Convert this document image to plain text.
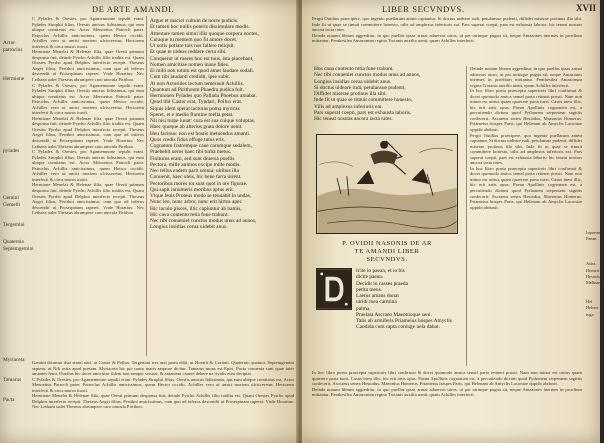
DE ARTE AMANDI.
Actor
patroclus
Hermione
pylades
Gemini
Gemelli
Tergemini
Quaternio
Septemgemini
Myriaceta
Tamarus
Pacta

C Pylades & Orestes, pro Agamemnone sepulti erant. Pylades Strophii filius, Orestis amicus fidissimus, qui eum ubique comitatus est. Actor Menoetius Patrocli pater. Patroclus Achillis amicissimus, quem Hector occidit. Achilles vero ut amici mortem ulcisceretur, Hectorem interfecit & circa muros traxit.

Hermione Menelai & Helenae filia, quae Oresti primum desponsa fuit, deinde Pyrrho Achillis filio tradita est. Quam Orestes Pyrrho apud Delphos interfecto recepit. Theseus Aegei filius, Perithoi amicissimus, cum quo ad inferos descendit ut Proserpinam raperet. Vnde Horatius: Nec Lethaea ualet Theseus abrumpere caro uincula Pirithoo.

C Pylades & Orestes, pro Agamemnone sepulti erant. Pylades Strophii filius, Orestis amicus fidissimus, qui eum ubique comitatus est. Actor Menoetius Patrocli pater. Patroclus Achillis amicissimus, quem Hector occidit. Achilles vero ut amici mortem ulcisceretur, Hectorem interfecit & circa muros traxit.

Hermione Menelai & Helenae filia, quae Oresti primum desponsa fuit, deinde Pyrrho Achillis filio tradita est. Quam Orestes Pyrrho apud Delphos interfecto recepit. Theseus Aegei filius, Perithoi amicissimus, cum quo ad inferos descendit ut Proserpinam raperet. Vnde Horatius: Nec Lethaea ualet Theseus abrumpere caro uincula Pirithoo.

C Pylades & Orestes, pro Agamemnone sepulti erant. Pylades Strophii filius, Orestis amicus fidissimus, qui eum ubique comitatus est. Actor Menoetius Patrocli pater. Patroclus Achillis amicissimus, quem Hector occidit. Achilles vero ut amici mortem ulcisceretur, Hectorem interfecit & circa muros traxit.

Hermione Menelai & Helenae filia, quae Oresti primum desponsa fuit, deinde Pyrrho Achillis filio tradita est. Quam Orestes Pyrrho apud Delphos interfecto recepit. Theseus Aegei filius, Perithoi amicissimus, cum quo ad inferos descendit ut Proserpinam raperet. Vnde Horatius: Nec Lethaea ualet Theseus abrumpere caro uincula Pirithoo.

Argue et maciei cultum de nocte pudicis.
Et tamen hoc nullis poteris dissimulare modis.
Attentare tamen simul illis quoque corpora noctes,
Curaque tu mentem quo fit amore docet.
Ut uotis potiare tuis nos fallere reliquit.
Et quae te uideas reddere certa sibi.
Conqueror ut mores hoc est tuus, ista placebant,
Nomen amicitiae nomen inane fides.
Ei mihi non tutum est quod ames laudare sodali.
Cum tibi laudanti credidit, ipse subit.
At non Actorides lectum temerauit Achillis.
Quantum ad Pirithoum Phaedra pudica fuit.
Hermionen Pylades quo Pallada Phoebus amabat.
Quod tibi Castor erat, Tyndari, Pollux erat.
Siquis idem sperat iacturas poma myricas
Speret, et e medio flumine mella petat.
Nil nisi turpe iuuat: cura est sua cuique voluptas.
Haec quoque ab alterius grata dolore uenit.
Heu facinus: non est hostis metuendus amanti.
Quos credis fidos effuge tutus eris.
Cognatum fratremque caue carumque sodalem,
Praebebit ueros haec tibi turba metus.
Finiturus eram, sed sunt diuersa puellis
Pectora, mille animos excipe mille modis.
Nec tellus eadem parit omnia: uitibus illa
Conuenit, haec oleis, hic bene farra uirent.
Pectoribus mores tot sunt quot in ore figurae.
Qui sapit innumeris moribus aptus erit.
Vtque leuis Proteus modo se tenuabit in undas,
Nunc leo, nunc arbor, nunc erit hirtus aper.
Hic iaculo pisces, illic capiuntur ab hamis,
Hic cava contento retia fune trahunt.
Nec tibi conueniet cunctos modus unus ad annos,
Longius insidias cerua uidebit anus.

Gemini dicuntur duo simul nati, ut Castor & Pollux. Tergemini tres uno partu editi, ut Horatii & Curiatii. Quaternio quatuor. Septemgemini septem, ut Nili ostia apud poetam. Myriaceta hic pro uasto maris aequore dicitur. Tamarus mons est Epiri. Pacta conuenta sunt quae inter amantes fiunt. Ouidius hic docet amicitiae fidem non semper seruari, & amantem cauere debere ne rivalis eum decipiat.

C Pylades & Orestes, pro Agamemnone sepulti erant. Pylades Strophii filius, Orestis amicus fidissimus, qui eum ubique comitatus est. Actor Menoetius Patrocli pater. Patroclus Achillis amicissimus, quem Hector occidit. Achilles vero ut amici mortem ulcisceretur, Hectorem interfecit & circa muros traxit.

Hermione Menelai & Helenae filia, quae Oresti primum desponsa fuit, deinde Pyrrho Achillis filio tradita est. Quam Orestes Pyrrho apud Delphos interfecto recepit. Theseus Aegei filius, Perithoi amicissimus, cum quo ad inferos descendit ut Proserpinam raperet. Vnde Horatius: Nec Lethaea ualet Theseus abrumpere caro uincula Pirithoo.

LIBER SECVNDVS.	XVII

Pergit Ouidius praecipere, quo ingenio puellarum animi capiantur. Si doctus uideare rudi, petulansue pudenti, diffidet miserae protinus illa sibi. Inde fit ut quae se timuit committere honesto, uilis ad amplexus inferioris eat. Pars superat coepti, pars est exhausta laboris: hic teneat nostras ancora iacta rates.

Deinde nouum librum aggreditur, in quo puellas ipsas armat aduersus uiros, ut par utrinque pugna sit, neque Amazones inermes in proelium mittantur. Penthesilea Amazonum regina Troianis auxilio uenit, quam Achilles interfecit.

Hos caua contento retia fune trahunt.
Nec tibi conueniet cunctos modus unus ad annos,
Longius insidias cerua uidebit anus.
Si doctus uideare rudi, petulansue pudenti,
Diffidet miserae protinus illa sibi.
Inde fit ut quae se timuit committere honesto,
Vilis ad amplexus inferioris eat.
Pars superat coepti, pars est exhausta laboris.
Hic teneat nostras ancora iacta rates.

Deinde nouum librum aggreditur, in quo puellas ipsas armat aduersus uiros, ut par utrinque pugna sit, neque Amazones inermes in proelium mittantur. Penthesilea Amazonum regina Troianis auxilio uenit, quam Achilles interfecit.

In hoc libro poeta praecepta superioris libri confirmat & docet quomodo amica semel parta retineri possit. Nam non minor est uirtus quam quaerere parta tueri. Casus inest illic, hic erit artis opus. Paean Apollinis cognomen est, a percutiendo dictum quod Pythonem serpentem sagittis confecerit. Ascraeus senex Hesiodus, Maeonius Homerus. Priameius hospes Paris, qui Helenam ab Amyclis Laconiae oppido abduxit.

Pergit Ouidius praecipere, quo ingenio puellarum animi capiantur. Si doctus uideare rudi, petulansue pudenti, diffidet miserae protinus illa sibi. Inde fit ut quae se timuit committere honesto, uilis ad amplexus inferioris eat. Pars superat coepti, pars est exhausta laboris: hic teneat nostras ancora iacta rates.

In hoc libro poeta praecepta superioris libri confirmat & docet quomodo amica semel parta retineri possit. Nam non minor est uirtus quam quaerere parta tueri. Casus inest illic, hic erit artis opus. Paean Apollinis cognomen est, a percutiendo dictum quod Pythonem serpentem sagittis confecerit. Ascraeus senex Hesiodus, Maeonius Homerus. Priameius hospes Paris, qui Helenam ab Amyclis Laconiae oppido abduxit.

P. OVIDII NASONIS DE AR
TE AMANDI LIBER
SECVNDVS.
Icite io paean, et io bis
dicite paean.
Decidit in casses praeda
petita meos.
Laetus amans donat
uiridi mea carmina
palma,
Praelata Ascraeo Maeonioque seni.
Talis ab armiferis Priameius hospes Amyclis
Candida cum rapta coniuge uela dabat.

In hoc libro poeta praecepta superioris libri confirmat & docet quomodo amica semel parta retineri possit. Nam non minor est uirtus quam quaerere parta tueri. Casus inest illic, hic erit artis opus. Paean Apollinis cognomen est, a percutiendo dictum quod Pythonem serpentem sagittis confecerit. Ascraeus senex Hesiodus, Maeonius Homerus. Priameius hospes Paris, qui Helenam ab Amyclis Laconiae oppido abduxit.

Deinde nouum librum aggreditur, in quo puellas ipsas armat aduersus uiros, ut par utrinque pugna sit, neque Amazones inermes in proelium mittantur. Penthesilea Amazonum regina Troianis auxilio uenit, quam Achilles interfecit.

Iopoeam
Paean
Astra
Homeri
Hesiodus
Melinaeus
Hel
Helene
iuga
